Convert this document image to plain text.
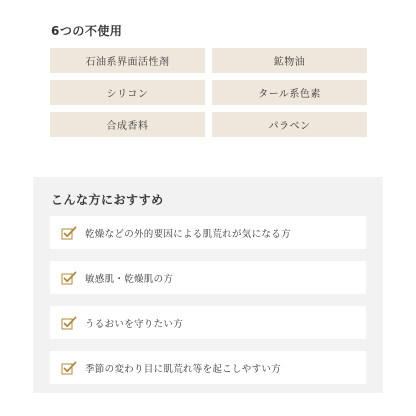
6つの不使用
石油系界面活性剤	鉱物油
シリコン	タール系色素
合成香料	パラベン
こんな方におすすめ
乾燥などの外的要因による肌荒れが気になる方
敏感肌・乾燥肌の方
うるおいを守りたい方
季節の変わり目に肌荒れ等を起こしやすい方
